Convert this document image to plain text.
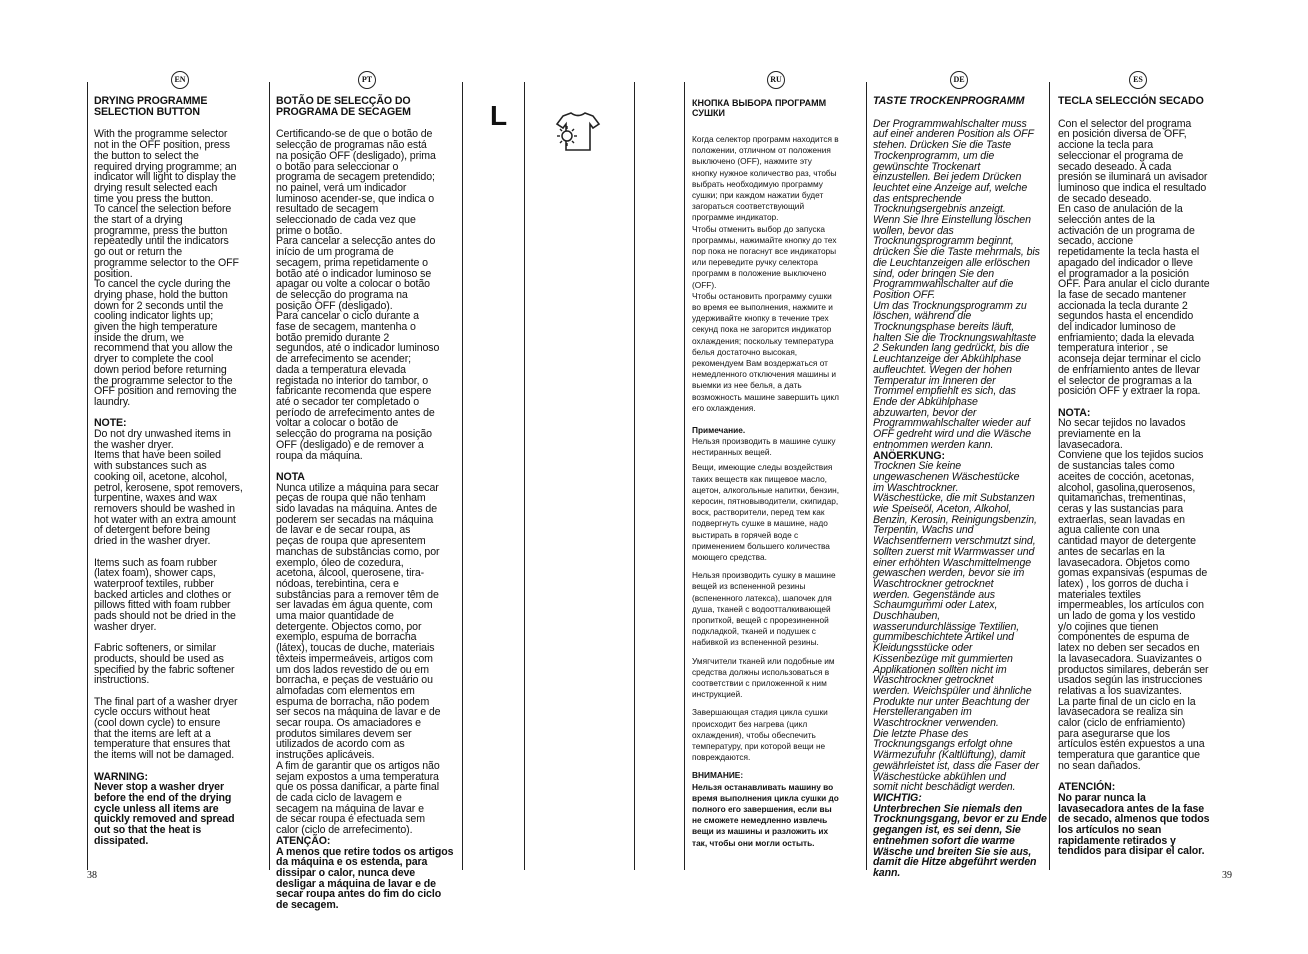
EN	PT	RU	DE	ES
L
DRYING PROGRAMME
SELECTION BUTTON
With the programme selector
not in the OFF position, press
the button to select the
required drying programme; an
indicator will light to display the
drying result selected each
time you press the button.
To cancel the selection before
the start of a drying
programme, press the button
repeatedly until the indicators
go out or return the
programme selector to the OFF
position.
To cancel the cycle during the
drying phase, hold the button
down for 2 seconds until the
cooling indicator lights up;
given the high temperature
inside the drum, we
recommend that you allow the
dryer to complete the cool
down period before returning
the programme selector to the
OFF position and removing the
laundry.
NOTE:
Do not dry unwashed items in
the washer dryer.
Items that have been soiled
with substances such as
cooking oil, acetone, alcohol,
petrol, kerosene, spot removers,
turpentine, waxes and wax
removers should be washed in
hot water with an extra amount
of detergent before being
dried in the washer dryer.
Items such as foam rubber
(latex foam), shower caps,
waterproof textiles, rubber
backed articles and clothes or
pillows fitted with foam rubber
pads should not be dried in the
washer dryer.
Fabric softeners, or similar
products, should be used as
specified by the fabric softener
instructions.
The final part of a washer dryer
cycle occurs without heat
(cool down cycle) to ensure
that the items are left at a
temperature that ensures that
the items will not be damaged.
WARNING:
Never stop a washer dryer
before the end of the drying
cycle unless all items are
quickly removed and spread
out so that the heat is
dissipated.
BOTÃO DE SELECÇÃO DO
PROGRAMA DE SECAGEM
Certificando-se de que o botão de
selecção de programas não está
na posição OFF (desligado), prima
o botão para seleccionar o
programa de secagem pretendido;
no painel, verá um indicador
luminoso acender-se, que indica o
resultado de secagem
seleccionado de cada vez que
prime o botão.
Para cancelar a selecção antes do
início de um programa de
secagem, prima repetidamente o
botão até o indicador luminoso se
apagar ou volte a colocar o botão
de selecção do programa na
posição OFF (desligado).
Para cancelar o ciclo durante a
fase de secagem, mantenha o
botão premido durante 2
segundos, até o indicador luminoso
de arrefecimento se acender;
dada a temperatura elevada
registada no interior do tambor, o
fabricante recomenda que espere
até o secador ter completado o
período de arrefecimento antes de
voltar a colocar o botão de
selecção do programa na posição
OFF (desligado) e de remover a
roupa da máquina.
NOTA
Nunca utilize a máquina para secar
peças de roupa que não tenham
sido lavadas na máquina. Antes de
poderem ser secadas na máquina
de lavar e de secar roupa, as
peças de roupa que apresentem
manchas de substâncias como, por
exemplo, óleo de cozedura,
acetona, álcool, querosene, tira-
nódoas, terebintina, cera e
substâncias para a remover têm de
ser lavadas em água quente, com
uma maior quantidade de
detergente. Objectos como, por
exemplo, espuma de borracha
(látex), toucas de duche, materiais
têxteis impermeáveis, artigos com
um dos lados revestido de ou em
borracha, e peças de vestuário ou
almofadas com elementos em
espuma de borracha, não podem
ser secos na máquina de lavar e de
secar roupa. Os amaciadores e
produtos similares devem ser
utilizados de acordo com as
instruções aplicáveis.
A fim de garantir que os artigos não
sejam expostos a uma temperatura
que os possa danificar, a parte final
de cada ciclo de lavagem e
secagem na máquina de lavar e
de secar roupa é efectuada sem
calor (ciclo de arrefecimento).
ATENÇÃO:
A menos que retire todos os artigos
da máquina e os estenda, para
dissipar o calor, nunca deve
desligar a máquina de lavar e de
secar roupa antes do fim do ciclo
de secagem.
КНОПКА ВЫБОРА ПРОГРАММ
СУШКИ
Когда селектор программ находится в
положении, отличном от положения
выключено (OFF), нажмите эту
кнопку нужное количество раз, чтобы
выбрать необходимую программу
сушки; при каждом нажатии будет
загораться соответствующий
программе индикатор.
Чтобы отменить выбор до запуска
программы, нажимайте кнопку до тех
пор пока не погаснут все индикаторы
или переведите ручку селектора
программ в положение выключено
(OFF).
Чтобы остановить программу сушки
во время ее выполнения, нажмите и
удерживайте кнопку в течение трех
секунд пока не загорится индикатор
охлаждения; поскольку температура
белья достаточно высокая,
рекомендуем Вам воздержаться от
немедленного отключения машины и
выемки из нее белья, а дать
возможность машине завершить цикл
его охлаждения.
Примечание.
Нельзя производить в машине сушку
нестиранных вещей.
Вещи, имеющие следы воздействия
таких веществ как пищевое масло,
ацетон, алкогольные напитки, бензин,
керосин, пятновыводители, скипидар,
воск, растворители, перед тем как
подвергнуть сушке в машине, надо
выстирать в горячей воде с
применением большего количества
моющего средства.
Нельзя производить сушку в машине
вещей из вспененной резины
(вспененного латекса), шапочек для
душа, тканей с водоотталкивающей
пропиткой, вещей с прорезиненной
подкладкой, тканей и подушек с
набивкой из вспененной резины.
Умягчители тканей или подобные им
средства должны использоваться в
соответствии с приложенной к ним
инструкцией.
Завершающая стадия цикла сушки
происходит без нагрева (цикл
охлаждения), чтобы обеспечить
температуру, при которой вещи не
повреждаются.
ВНИМАНИЕ:
Нельзя останавливать машину во
время выполнения цикла сушки до
полного его завершения, если вы
не сможете немедленно извлечь
вещи из машины и разложить их
так, чтобы они могли остыть.
TASTE TROCKENPROGRAMM
Der Programmwahlschalter muss
auf einer anderen Position als OFF
stehen. Drücken Sie die Taste
Trockenprogramm, um die
gewünschte Trockenart
einzustellen. Bei jedem Drücken
leuchtet eine Anzeige auf, welche
das entsprechende
Trocknungsergebnis anzeigt.
Wenn Sie Ihre Einstellung löschen
wollen, bevor das
Trocknungsprogramm beginnt,
drücken Sie die Taste mehrmals, bis
die Leuchtanzeigen alle erlöschen
sind, oder bringen Sie den
Programmwahlschalter auf die
Position OFF.
Um das Trocknungsprogramm zu
löschen, während die
Trocknungsphase bereits läuft,
halten Sie die Trocknungswahltaste
2 Sekunden lang gedrückt, bis die
Leuchtanzeige der Abkühlphase
aufleuchtet. Wegen der hohen
Temperatur im Inneren der
Trommel empfiehlt es sich, das
Ende der Abkühlphase
abzuwarten, bevor der
Programmwahlschalter wieder auf
OFF gedreht wird und die Wäsche
entnommen werden kann.
ANÖERKUNG:
Trocknen Sie keine
ungewaschenen Wäschestücke
im Waschtrockner.
Wäschestücke, die mit Substanzen
wie Speiseöl, Aceton, Alkohol,
Benzin, Kerosin, Reinigungsbenzin,
Terpentin, Wachs und
Wachsentfernern verschmutzt sind,
sollten zuerst mit Warmwasser und
einer erhöhten Waschmittelmenge
gewaschen werden, bevor sie im
Waschtrockner getrocknet
werden. Gegenstände aus
Schaumgummi oder Latex,
Duschhauben,
wasserundurchlässige Textilien,
gummibeschichtete Artikel und
Kleidungsstücke oder
Kissenbezüge mit gummierten
Applikationen sollten nicht im
Waschtrockner getrocknet
werden. Weichspüler und ähnliche
Produkte nur unter Beachtung der
Herstellerangaben im
Waschtrockner verwenden.
Die letzte Phase des
Trocknungsgangs erfolgt ohne
Wärmezufuhr (Kaltlüftung), damit
gewährleistet ist, dass die Faser der
Wäschestücke abkühlen und
somit nicht beschädigt werden.
WICHTIG:
Unterbrechen Sie niemals den
Trocknungsgang, bevor er zu Ende
gegangen ist, es sei denn, Sie
entnehmen sofort die warme
Wäsche und breiten Sie sie aus,
damit die Hitze abgeführt werden
kann.
TECLA SELECCIÓN SECADO
Con el selector del programa
en posición diversa de OFF,
accione la tecla para
seleccionar el programa de
secado deseado. A cada
presión se iluminará un avisador
luminoso que indica el resultado
de secado deseado.
En caso de anulación de la
selección antes de la
activación de un programa de
secado, accione
repetidamente la tecla hasta el
apagado del indicador o lleve
el programador a la posición
OFF. Para anular el ciclo durante
la fase de secado mantener
accionada la tecla durante 2
segundos hasta el encendido
del indicador luminoso de
enfriamiento; dada la elevada
temperatura interior , se
aconseja dejar terminar el ciclo
de enfriamiento antes de llevar
el selector de programas a la
posición OFF y extraer la ropa.
NOTA:
No secar tejidos no lavados
previamente en la
lavasecadora.
Conviene que los tejidos sucios
de sustancias tales como
aceites de cocción, acetonas,
alcohol, gasolina,querosenos,
quitamanchas, trementinas,
ceras y las sustancias para
extraerlas, sean lavadas en
agua caliente con una
cantidad mayor de detergente
antes de secarlas en la
lavasecadora. Objetos como
gomas expansivas (espumas de
latex) , los gorros de ducha i
materiales textiles
impermeables, los artículos con
un lado de goma y los vestido
y/o cojines que tienen
componentes de espuma de
latex no deben ser secados en
la lavasecadora. Suavizantes o
productos similares, deberán ser
usados según las instrucciones
relativas a los suavizantes.
La parte final de un ciclo en la
lavasecadora se realiza sin
calor (ciclo de enfriamiento)
para asegurarse que los
artículos estén expuestos a una
temperatura que garantice que
no sean dañados.
ATENCIÓN:
No parar nunca la
lavasecadora antes de la fase
de secado, almenos que todos
los artículos no sean
rapidamente retirados y
tendidos para disipar el calor.
38	39
